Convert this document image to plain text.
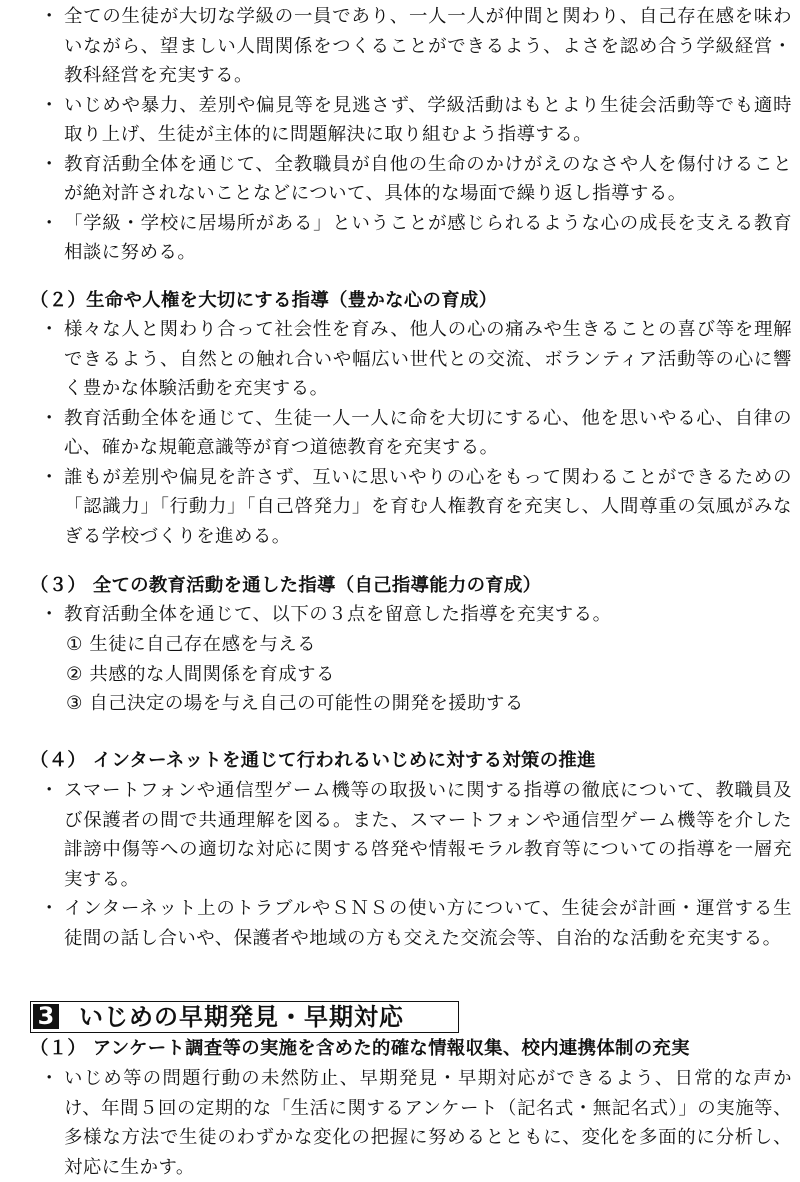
・ 全ての生徒が大切な学級の一員であり、一人一人が仲間と関わり、自己存在感を味わいながら、望ましい人間関係をつくることができるよう、よさを認め合う学級経営・教科経営を充実する。
・ いじめや暴力、差別や偏見等を見逃さず、学級活動はもとより生徒会活動等でも適時取り上げ、生徒が主体的に問題解決に取り組むよう指導する。
・ 教育活動全体を通じて、全教職員が自他の生命のかけがえのなさや人を傷付けることが絶対許されないことなどについて、具体的な場面で繰り返し指導する。
・ 「学級・学校に居場所がある」ということが感じられるような心の成長を支える教育相談に努める。
（２）生命や人権を大切にする指導（豊かな心の育成）
・ 様々な人と関わり合って社会性を育み、他人の心の痛みや生きることの喜び等を理解できるよう、自然との触れ合いや幅広い世代との交流、ボランティア活動等の心に響く豊かな体験活動を充実する。
・ 教育活動全体を通じて、生徒一人一人に命を大切にする心、他を思いやる心、自律の心、確かな規範意識等が育つ道徳教育を充実する。
・ 誰もが差別や偏見を許さず、互いに思いやりの心をもって関わることができるための「認識力」「行動力」「自己啓発力」を育む人権教育を充実し、人間尊重の気風がみなぎる学校づくりを進める。
（３） 全ての教育活動を通した指導（自己指導能力の育成）
・ 教育活動全体を通じて、以下の３点を留意した指導を充実する。
① 生徒に自己存在感を与える
② 共感的な人間関係を育成する
③ 自己決定の場を与え自己の可能性の開発を援助する
（４） インターネットを通じて行われるいじめに対する対策の推進
・ スマートフォンや通信型ゲーム機等の取扱いに関する指導の徹底について、教職員及び保護者の間で共通理解を図る。また、スマートフォンや通信型ゲーム機等を介した誹謗中傷等への適切な対応に関する啓発や情報モラル教育等についての指導を一層充実する。
・ インターネット上のトラブルやＳＮＳの使い方について、生徒会が計画・運営する生徒間の話し合いや、保護者や地域の方も交えた交流会等、自治的な活動を充実する。
3 いじめの早期発見・早期対応
（１） アンケート調査等の実施を含めた的確な情報収集、校内連携体制の充実
・ いじめ等の問題行動の未然防止、早期発見・早期対応ができるよう、日常的な声かけ、年間５回の定期的な「生活に関するアンケート（記名式・無記名式）」の実施等、多様な方法で生徒のわずかな変化の把握に努めるとともに、変化を多面的に分析し、対応に生かす。
